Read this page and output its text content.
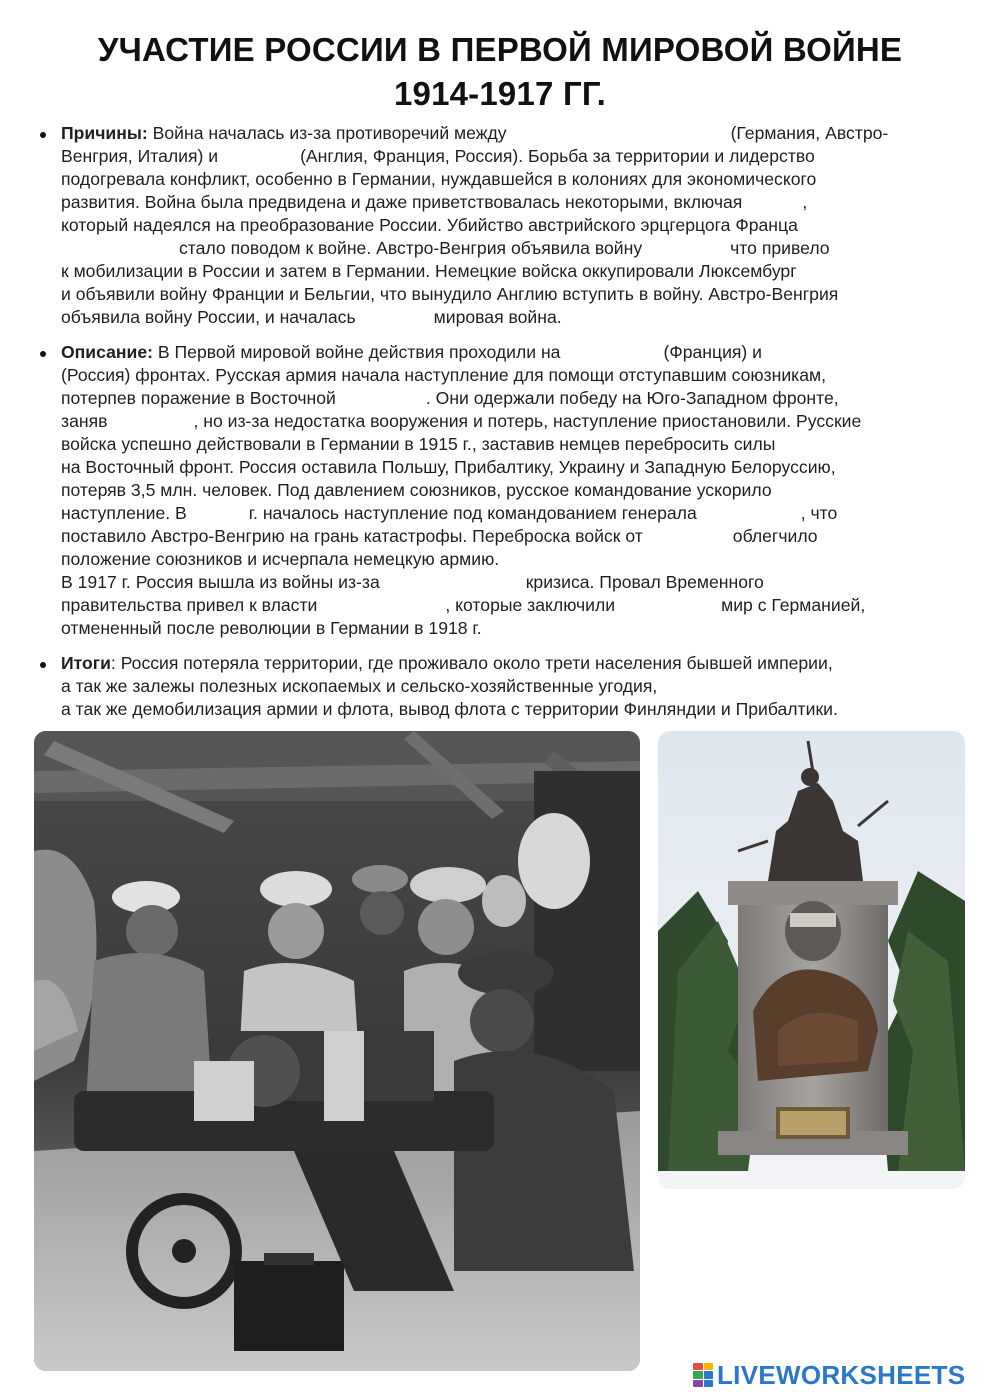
УЧАСТИЕ РОССИИ В ПЕРВОЙ МИРОВОЙ ВОЙНЕ
1914-1917 ГГ.
Причины: Война началась из-за противоречий между	(Германия, Австро-
Венгрия, Италия) и	(Англия, Франция, Россия). Борьба за территории и лидерство
подогревала конфликт, особенно в Германии, нуждавшейся в колониях для экономического
развития. Война была предвидена и даже приветствовалась некоторыми, включая	,
который надеялся на преобразование России. Убийство австрийского эрцгерцога Франца
стало поводом к войне. Австро-Венгрия объявила войну	что привело
к мобилизации в России и затем в Германии. Немецкие войска оккупировали Люксембург
и объявили войну Франции и Бельгии, что вынудило Англию вступить в войну. Австро-Венгрия
объявила войну России, и началась	мировая война.
Описание: В Первой мировой войне действия проходили на	(Франция) и
(Россия) фронтах. Русская армия начала наступление для помощи отступавшим союзникам,
потерпев поражение в Восточной	. Они одержали победу на Юго-Западном фронте,
заняв	, но из-за недостатка вооружения и потерь, наступление приостановили. Русские
войска успешно действовали в Германии в 1915 г., заставив немцев перебросить силы
на Восточный фронт. Россия оставила Польшу, Прибалтику, Украину и Западную Белоруссию,
потеряв 3,5 млн. человек. Под давлением союзников, русское командование ускорило
наступление. В	г. началось наступление под командованием генерала	, что
поставило Австро-Венгрию на грань катастрофы. Переброска войск от	облегчило
положение союзников и исчерпала немецкую армию.
В 1917 г. Россия вышла из войны из-за	кризиса. Провал Временного
правительства привел к власти	, которые заключили	мир с Германией,
отмененный после революции в Германии в 1918 г.
Итоги: Россия потеряла территории, где проживало около трети населения бывшей империи,
а так же залежы полезных ископаемых и сельско-хозяйственные угодия,
а так же демобилизация армии и флота, вывод флота с территории Финляндии и Прибалтики.
LIVEWORKSHEETS
